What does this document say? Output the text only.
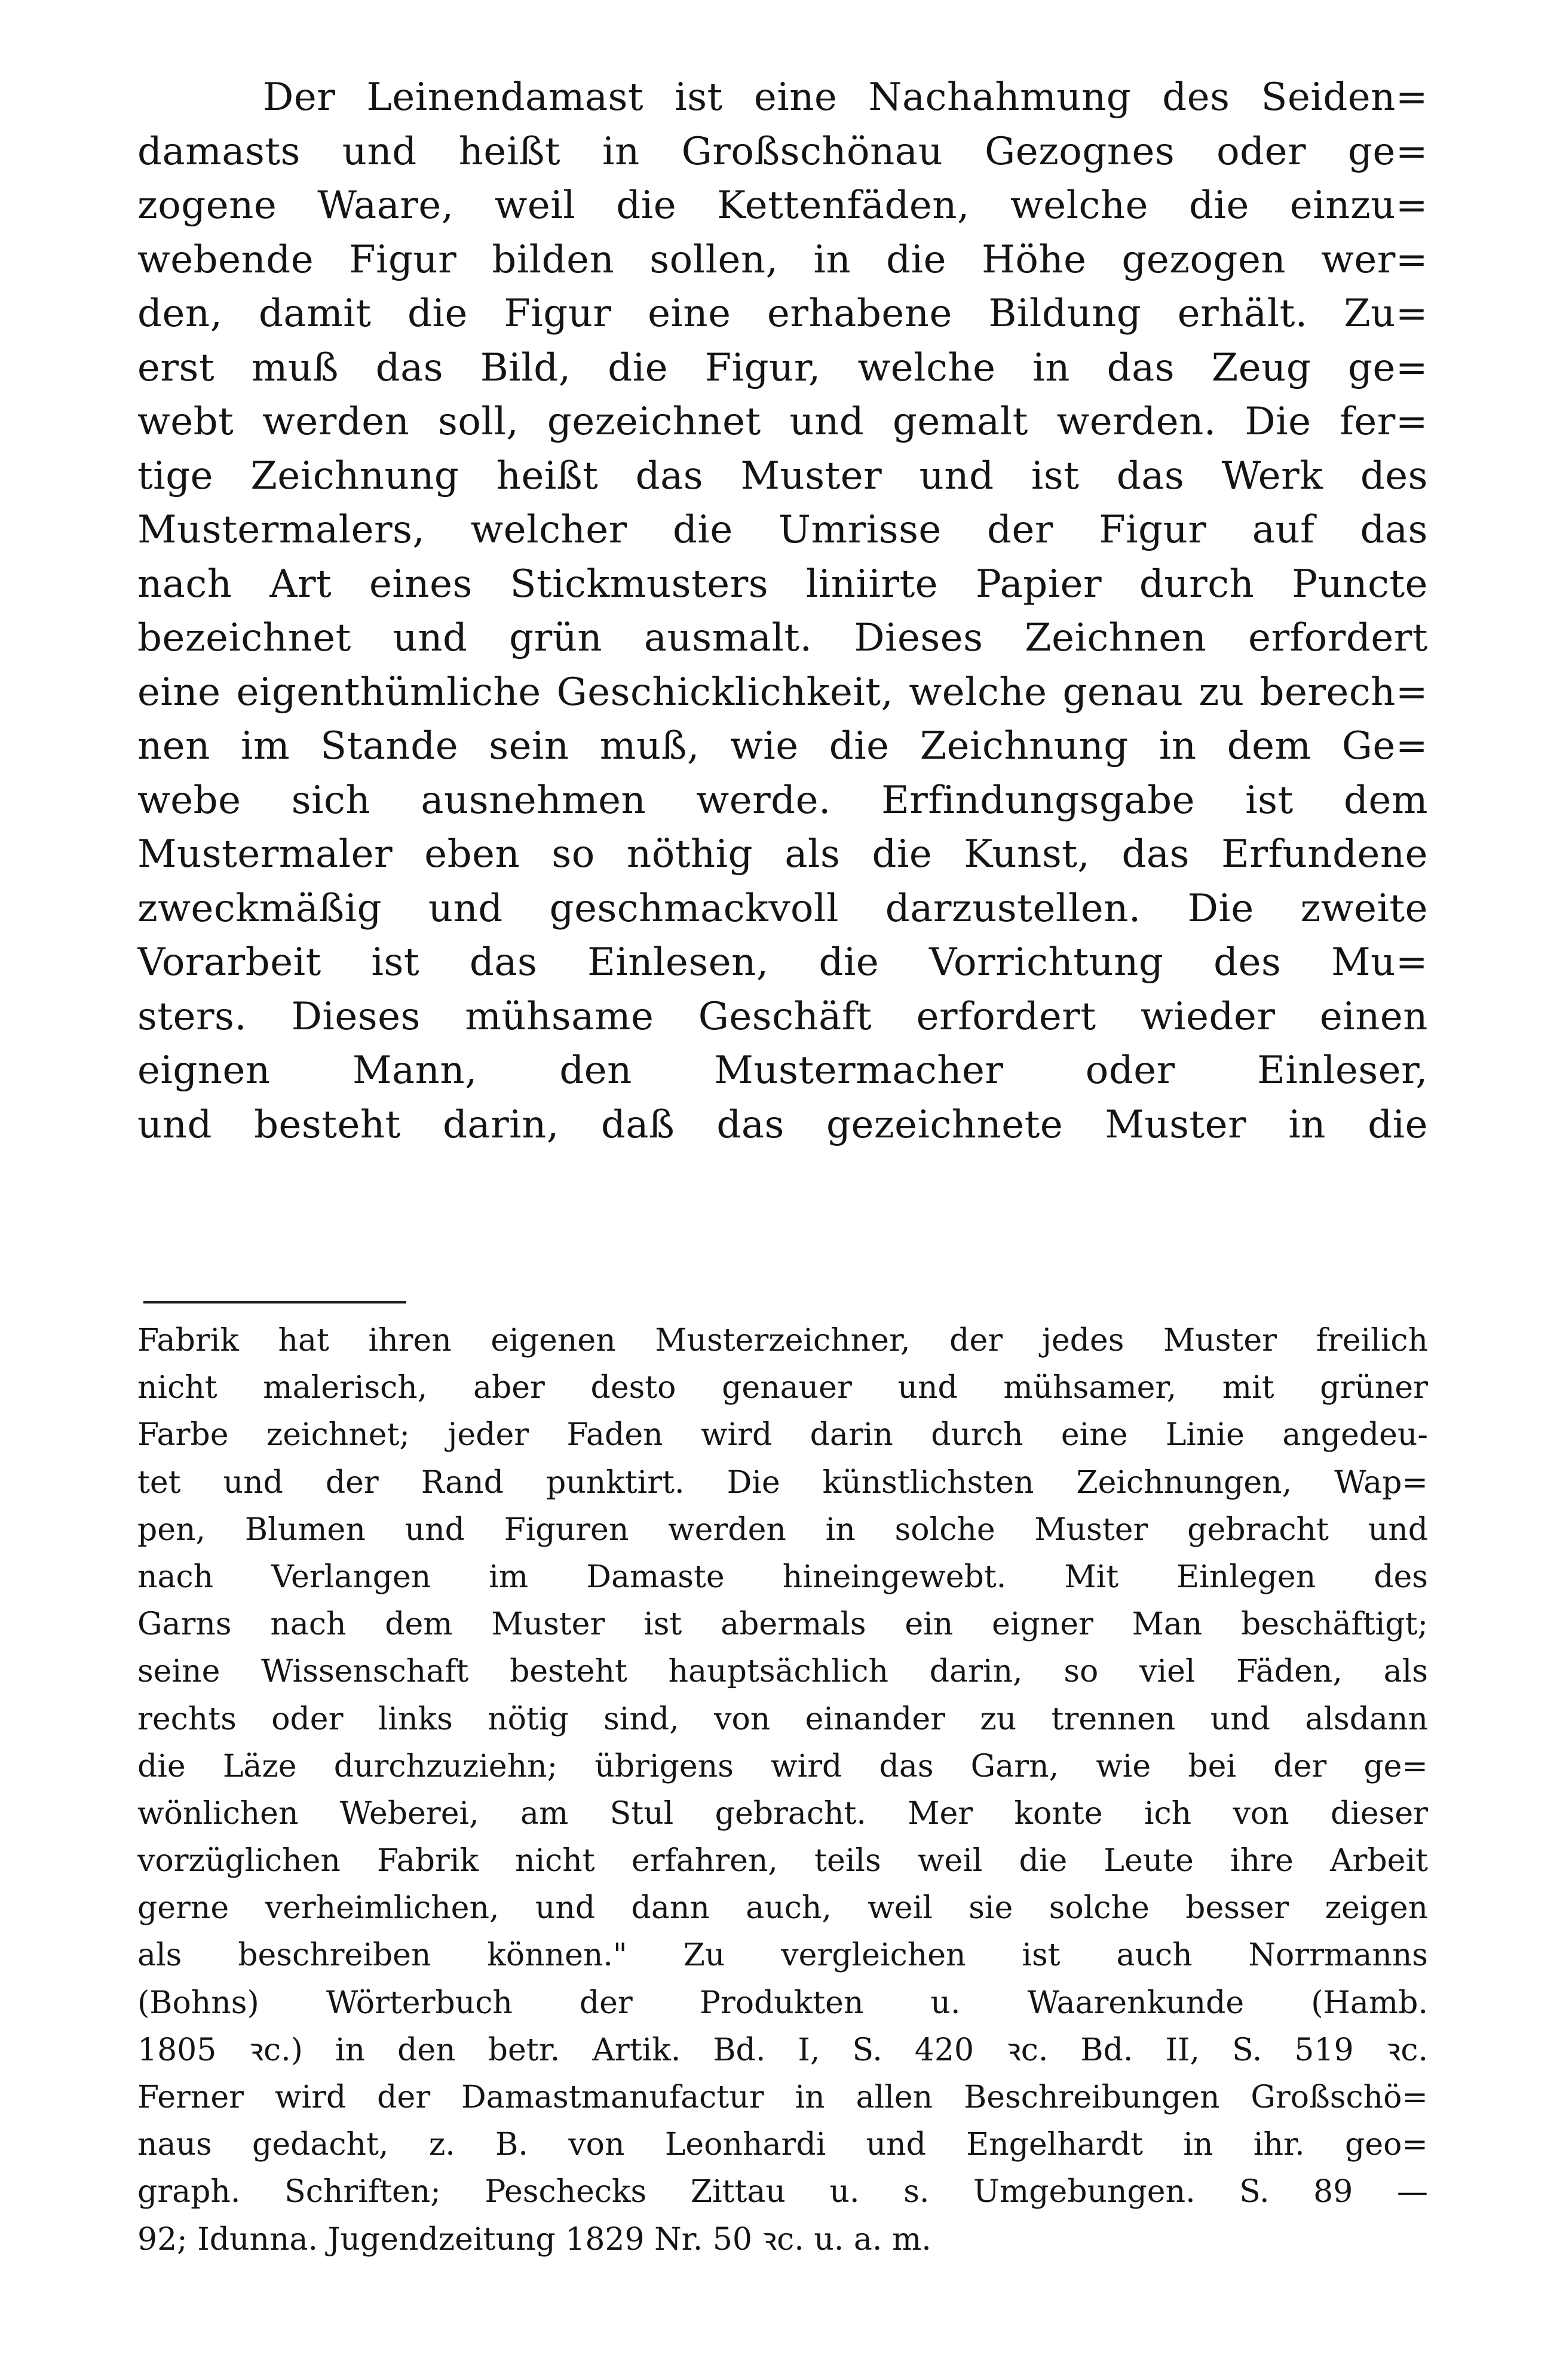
Der Leinendamast ist eine Nachahmung des Seiden=
damasts und heißt in Großschönau Gezognes oder ge=
zogene Waare, weil die Kettenfäden, welche die einzu=
webende Figur bilden sollen, in die Höhe gezogen wer=
den, damit die Figur eine erhabene Bildung erhält. Zu=
erst muß das Bild, die Figur, welche in das Zeug ge=
webt werden soll, gezeichnet und gemalt werden. Die fer=
tige Zeichnung heißt das Muster und ist das Werk des
Mustermalers, welcher die Umrisse der Figur auf das
nach Art eines Stickmusters liniirte Papier durch Puncte
bezeichnet und grün ausmalt. Dieses Zeichnen erfordert
eine eigenthümliche Geschicklichkeit, welche genau zu berech=
nen im Stande sein muß, wie die Zeichnung in dem Ge=
webe sich ausnehmen werde. Erfindungsgabe ist dem
Mustermaler eben so nöthig als die Kunst, das Erfundene
zweckmäßig und geschmackvoll darzustellen. Die zweite
Vorarbeit ist das Einlesen, die Vorrichtung des Mu=
sters. Dieses mühsame Geschäft erfordert wieder einen
eignen Mann, den Mustermacher oder Einleser,
und besteht darin, daß das gezeichnete Muster in die
Fabrik hat ihren eigenen Musterzeichner, der jedes Muster freilich
nicht malerisch, aber desto genauer und mühsamer, mit grüner
Farbe zeichnet; jeder Faden wird darin durch eine Linie angedeu-
tet und der Rand punktirt. Die künstlichsten Zeichnungen, Wap=
pen, Blumen und Figuren werden in solche Muster gebracht und
nach Verlangen im Damaste hineingewebt. Mit Einlegen des
Garns nach dem Muster ist abermals ein eigner Man beschäftigt;
seine Wissenschaft besteht hauptsächlich darin, so viel Fäden, als
rechts oder links nötig sind, von einander zu trennen und alsdann
die Läze durchzuziehn; übrigens wird das Garn, wie bei der ge=
wönlichen Weberei, am Stul gebracht. Mer konte ich von dieser
vorzüglichen Fabrik nicht erfahren, teils weil die Leute ihre Arbeit
gerne verheimlichen, und dann auch, weil sie solche besser zeigen
als beschreiben können." Zu vergleichen ist auch Norrmanns
(Bohns) Wörterbuch der Produkten u. Waarenkunde (Hamb.
1805 ꝛc.) in den betr. Artik. Bd. I, S. 420 ꝛc. Bd. II, S. 519 ꝛc.
Ferner wird der Damastmanufactur in allen Beschreibungen Großschö=
naus gedacht, z. B. von Leonhardi und Engelhardt in ihr. geo=
graph. Schriften; Peschecks Zittau u. s. Umgebungen. S. 89 —
92; Idunna. Jugendzeitung 1829 Nr. 50 ꝛc. u. a. m.
